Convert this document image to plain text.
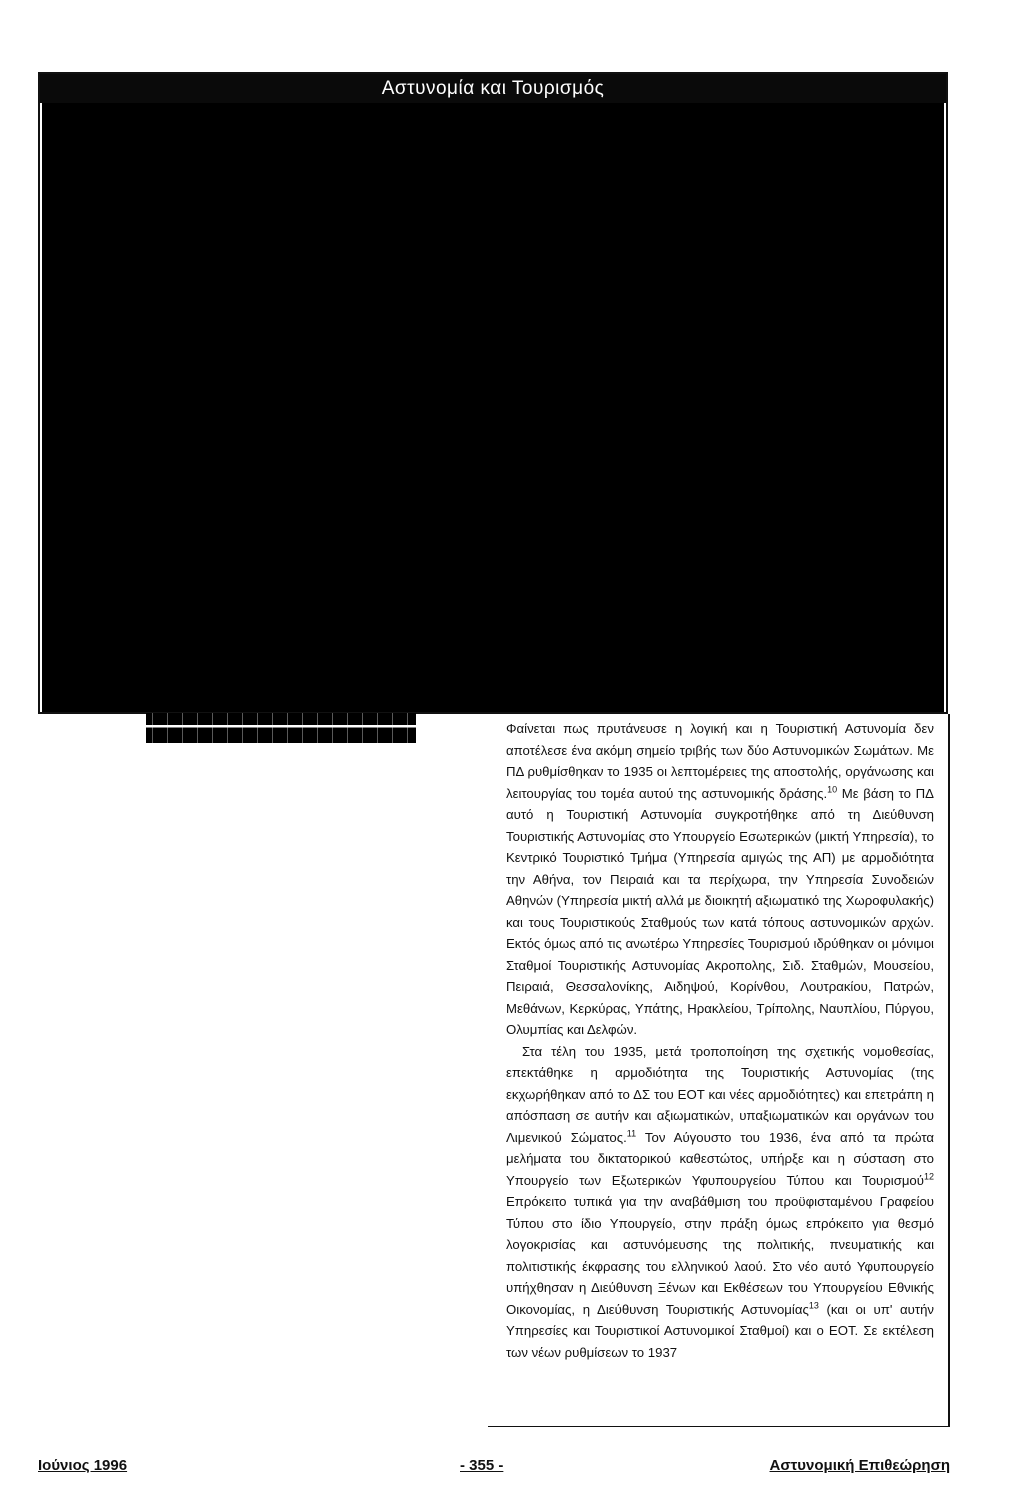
Αστυνομία και Τουρισμός

Φαίνεται πως πρυτάνευσε η λογική και η Τουριστική Αστυνομία δεν αποτέλεσε ένα ακόμη σημείο τριβής των δύο Αστυνομικών Σωμάτων. Με ΠΔ ρυθμίσθηκαν το 1935 οι λεπτομέρειες της αποστολής, οργάνωσης και λειτουργίας του τομέα αυτού της αστυνομικής δράσης.$^{10}$ Με βάση το ΠΔ αυτό η Τουριστική Αστυνομία συγκροτήθηκε από τη Διεύθυνση Τουριστικής Αστυνομίας στο Υπουργείο Εσωτερικών (μικτή Υπηρεσία), το Κεντρικό Τουριστικό Τμήμα (Υπηρεσία αμιγώς της ΑΠ) με αρμοδιότητα την Αθήνα, τον Πειραιά και τα περίχωρα, την Υπηρεσία Συνοδειών Αθηνών (Υπηρεσία μικτή αλλά με διοικητή αξιωματικό της Χωροφυλακής) και τους Τουριστικούς Σταθμούς των κατά τόπους αστυνομικών αρχών. Εκτός όμως από τις ανωτέρω Υπηρεσίες Τουρισμού ιδρύθηκαν οι μόνιμοι Σταθμοί Τουριστικής Αστυνομίας Ακροπολης, Σιδ. Σταθμών, Μουσείου, Πειραιά, Θεσσαλονίκης, Αιδηψού, Κορίνθου, Λουτρακίου, Πατρών, Μεθάνων, Κερκύρας, Υπάτης, Ηρακλείου, Τρίπολης, Ναυπλίου, Πύργου, Ολυμπίας και Δελφών.

Στα τέλη του 1935, μετά τροποποίηση της σχετικής νομοθεσίας, επεκτάθηκε η αρμοδιότητα της Τουριστικής Αστυνομίας (της εκχωρήθηκαν από το ΔΣ του ΕΟΤ και νέες αρμοδιότητες) και επετράπη η απόσπαση σε αυτήν και αξιωματικών, υπαξιωματικών και οργάνων του Λιμενικού Σώματος.$^{11}$ Τον Αύγουστο του 1936, ένα από τα πρώτα μελήματα του δικτατορικού καθεστώτος, υπήρξε και η σύσταση στο Υπουργείο των Εξωτερικών Υφυπουργείου Τύπου και Τουρισμού$^{12}$ Επρόκειτο τυπικά για την αναβάθμιση του προϋφισταμένου Γραφείου Τύπου στο ίδιο Υπουργείο, στην πράξη όμως επρόκειτο για θεσμό λογοκρισίας και αστυνόμευσης της πολιτικής, πνευματικής και πολιτιστικής έκφρασης του ελληνικού λαού. Στο νέο αυτό Υφυπουργείο υπήχθησαν η Διεύθυνση Ξένων και Εκθέσεων του Υπουργείου Εθνικής Οικονομίας, η Διεύθυνση Τουριστικής Αστυνομίας$^{13}$ (και οι υπ' αυτήν Υπηρεσίες και Τουριστικοί Αστυνομικοί Σταθμοί) και ο ΕΟΤ. Σε εκτέλεση των νέων ρυθμίσεων το 1937

Ιούνιος 1996	- 355 -	Αστυνομική Επιθεώρηση
